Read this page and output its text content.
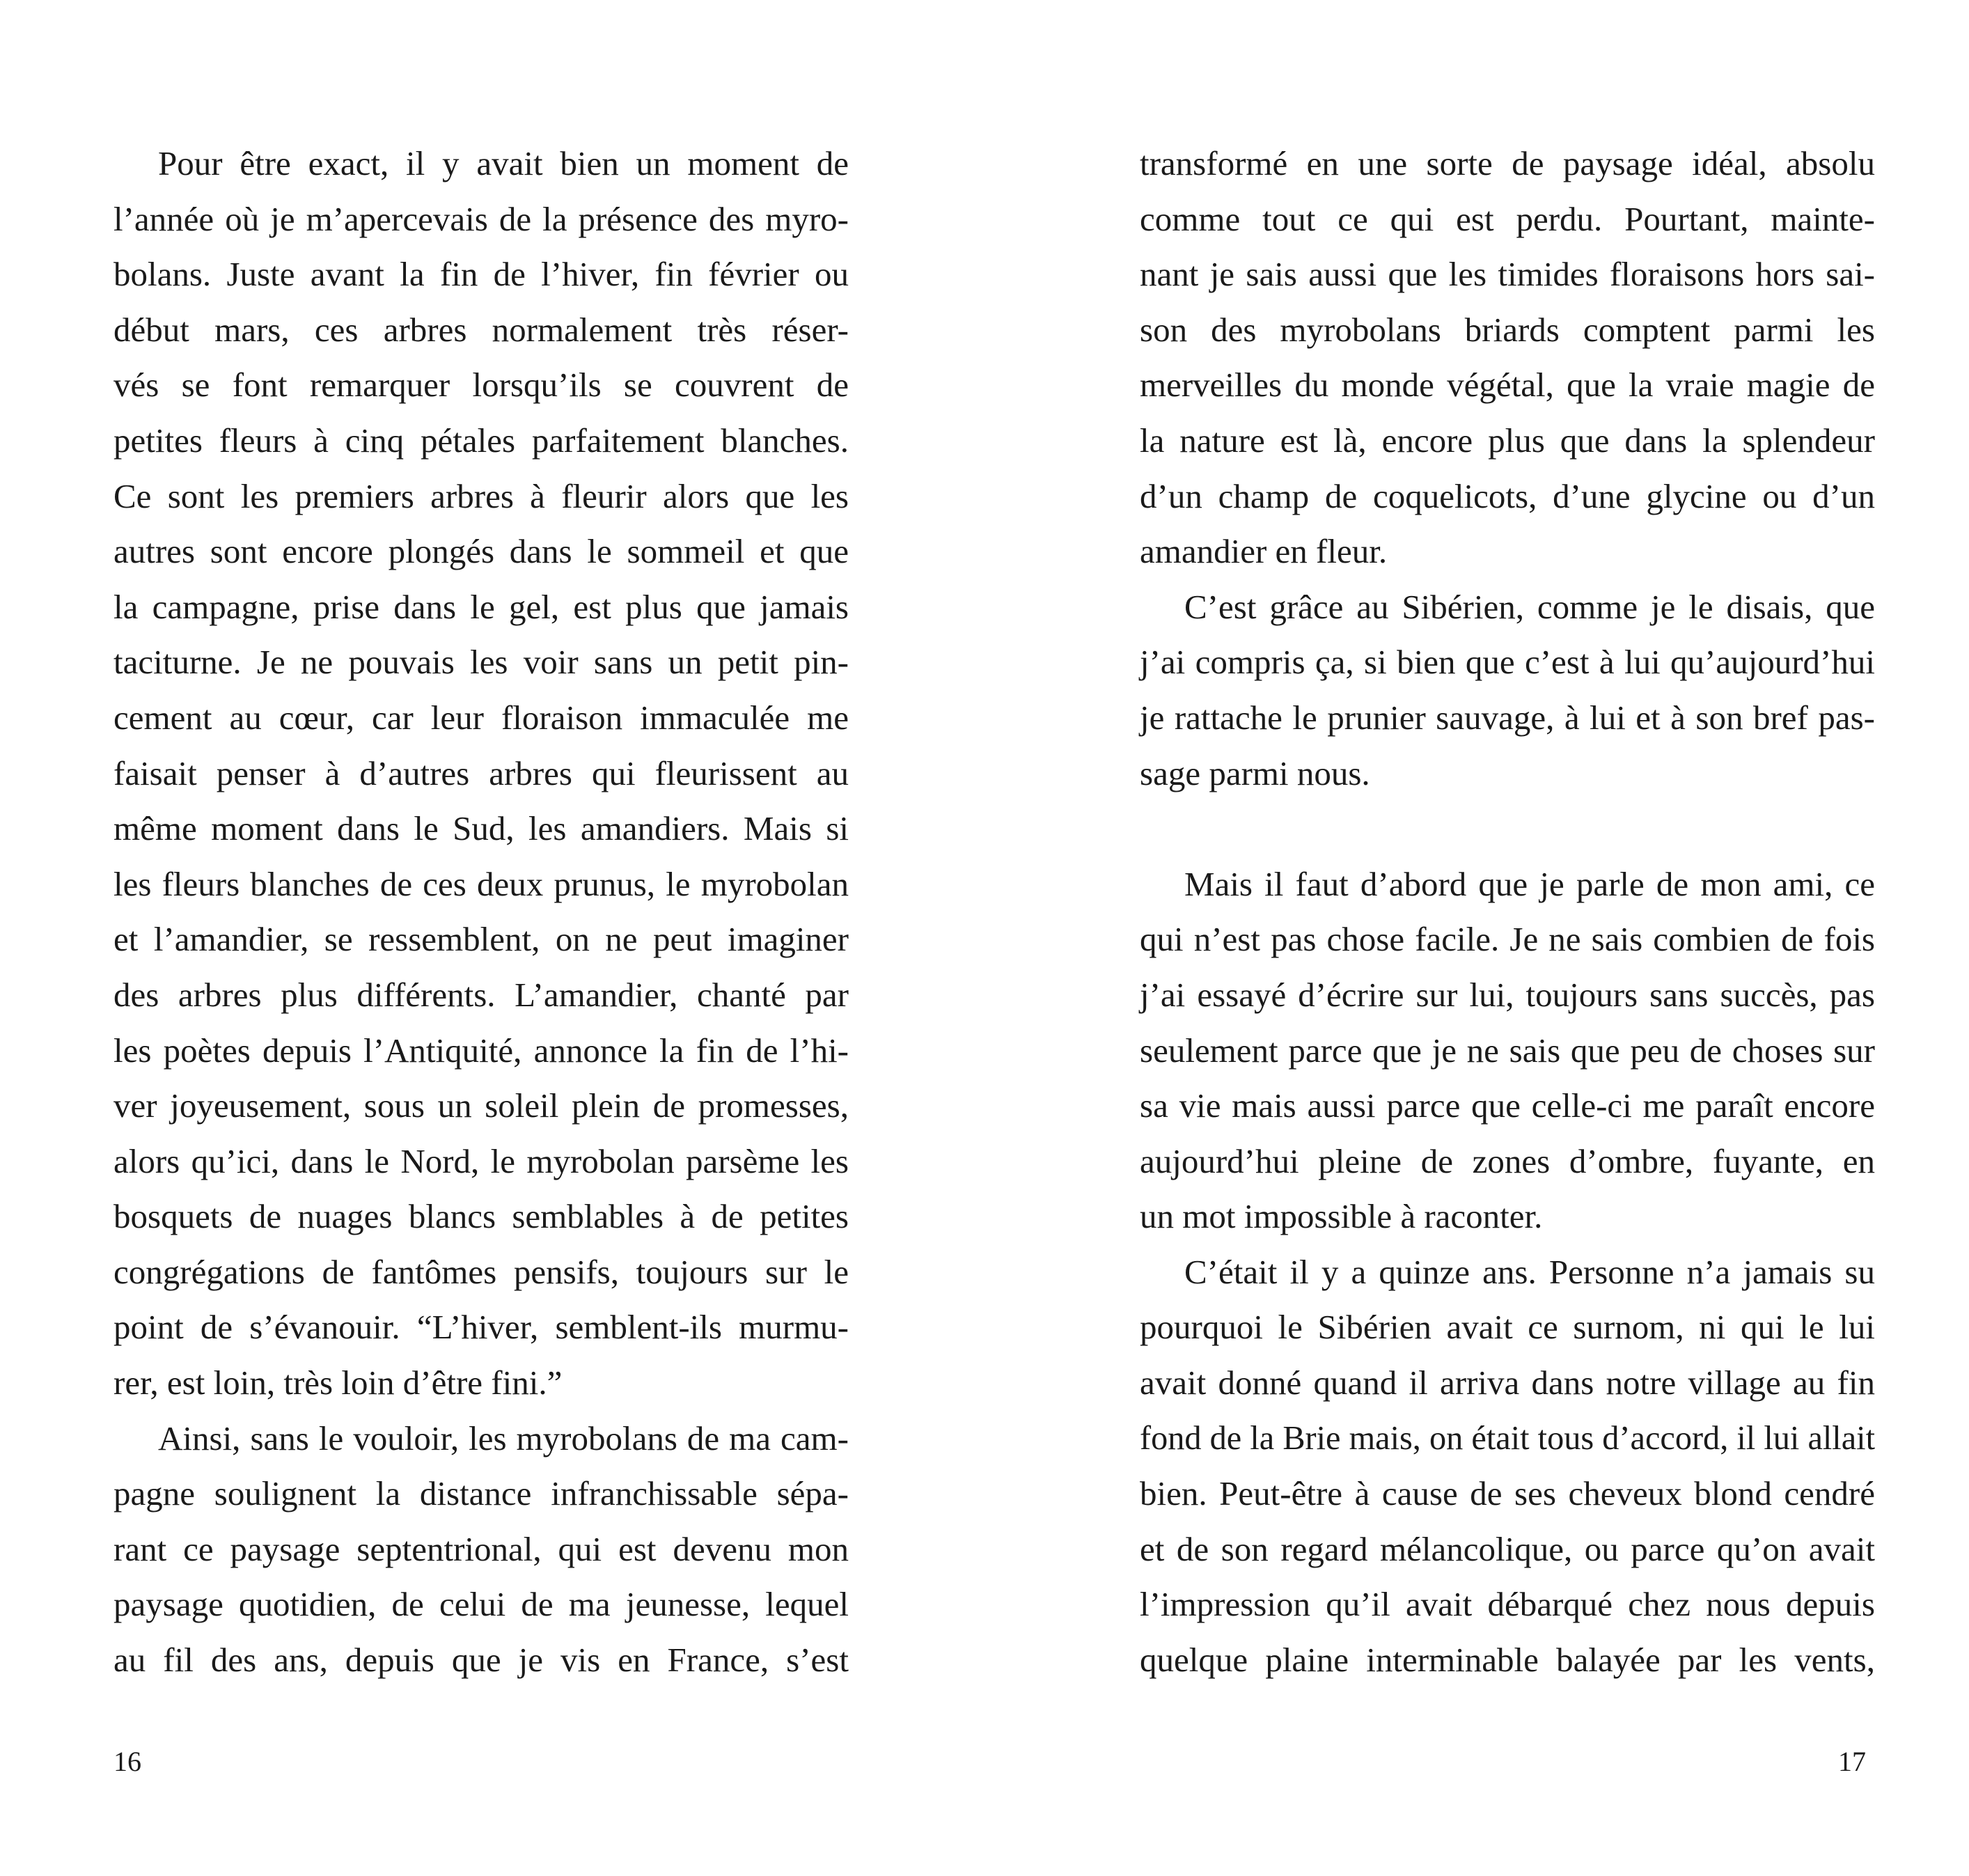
Pour être exact, il y avait bien un moment de
l’année où je m’apercevais de la présence des myro-
bolans. Juste avant la fin de l’hiver, fin février ou
début mars, ces arbres normalement très réser-
vés se font remarquer lorsqu’ils se couvrent de
petites fleurs à cinq pétales parfaitement blanches.
Ce sont les premiers arbres à fleurir alors que les
autres sont encore plongés dans le sommeil et que
la campagne, prise dans le gel, est plus que jamais
taciturne. Je ne pouvais les voir sans un petit pin-
cement au cœur, car leur floraison immaculée me
faisait penser à d’autres arbres qui fleurissent au
même moment dans le Sud, les amandiers. Mais si
les fleurs blanches de ces deux prunus, le myrobolan
et l’amandier, se ressemblent, on ne peut imaginer
des arbres plus différents. L’amandier, chanté par
les poètes depuis l’Antiquité, annonce la fin de l’hi-
ver joyeusement, sous un soleil plein de promesses,
alors qu’ici, dans le Nord, le myrobolan parsème les
bosquets de nuages blancs semblables à de petites
congrégations de fantômes pensifs, toujours sur le
point de s’évanouir. “L’hiver, semblent-ils murmu-
rer, est loin, très loin d’être fini.”
Ainsi, sans le vouloir, les myrobolans de ma cam-
pagne soulignent la distance infranchissable sépa-
rant ce paysage septentrional, qui est devenu mon
paysage quotidien, de celui de ma jeunesse, lequel
au fil des ans, depuis que je vis en France, s’est
transformé en une sorte de paysage idéal, absolu
comme tout ce qui est perdu. Pourtant, mainte-
nant je sais aussi que les timides floraisons hors sai-
son des myrobolans briards comptent parmi les
merveilles du monde végétal, que la vraie magie de
la nature est là, encore plus que dans la splendeur
d’un champ de coquelicots, d’une glycine ou d’un
amandier en fleur.
C’est grâce au Sibérien, comme je le disais, que
j’ai compris ça, si bien que c’est à lui qu’aujourd’hui
je rattache le prunier sauvage, à lui et à son bref pas-
sage parmi nous.
Mais il faut d’abord que je parle de mon ami, ce
qui n’est pas chose facile. Je ne sais combien de fois
j’ai essayé d’écrire sur lui, toujours sans succès, pas
seulement parce que je ne sais que peu de choses sur
sa vie mais aussi parce que celle-ci me paraît encore
aujourd’hui pleine de zones d’ombre, fuyante, en
un mot impossible à raconter.
C’était il y a quinze ans. Personne n’a jamais su
pourquoi le Sibérien avait ce surnom, ni qui le lui
avait donné quand il arriva dans notre village au fin
fond de la Brie mais, on était tous d’accord, il lui allait
bien. Peut-être à cause de ses cheveux blond cendré
et de son regard mélancolique, ou parce qu’on avait
l’impression qu’il avait débarqué chez nous depuis
quelque plaine interminable balayée par les vents,
16	17
